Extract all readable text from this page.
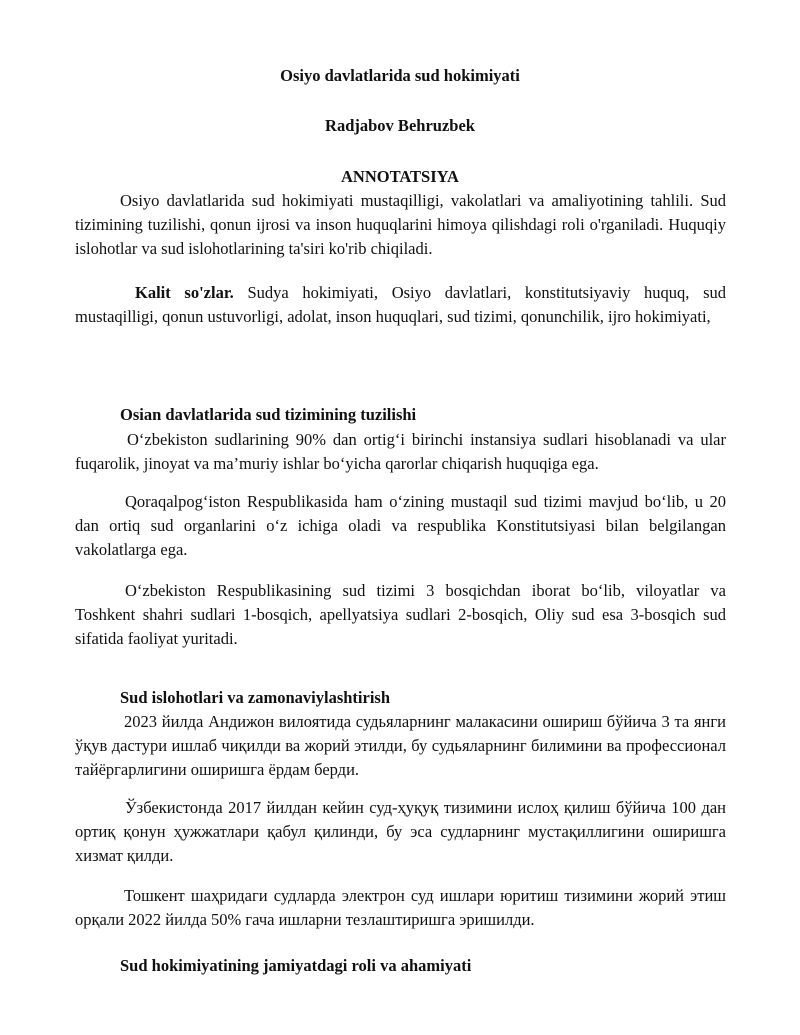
Osiyo davlatlarida sud hokimiyati
Radjabov Behruzbek
ANNOTATSIYA
Osiyo davlatlarida sud hokimiyati mustaqilligi, vakolatlari va amaliyotining tahlili. Sud tizimining tuzilishi, qonun ijrosi va inson huquqlarini himoya qilishdagi roli o'rganiladi. Huquqiy islohotlar va sud islohotlarining ta'siri ko'rib chiqiladi.
Kalit so'zlar. Sudya hokimiyati, Osiyo davlatlari, konstitutsiyaviy huquq, sud mustaqilligi, qonun ustuvorligi, adolat, inson huquqlari, sud tizimi, qonunchilik, ijro hokimiyati,
Osian davlatlarida sud tizimining tuzilishi
O‘zbekiston sudlarining 90% dan ortig‘i birinchi instansiya sudlari hisoblanadi va ular fuqarolik, jinoyat va ma’muriy ishlar bo‘yicha qarorlar chiqarish huquqiga ega.
Qoraqalpog‘iston Respublikasida ham o‘zining mustaqil sud tizimi mavjud bo‘lib, u 20 dan ortiq sud organlarini o‘z ichiga oladi va respublika Konstitutsiyasi bilan belgilangan vakolatlarga ega.
O‘zbekiston Respublikasining sud tizimi 3 bosqichdan iborat bo‘lib, viloyatlar va Toshkent shahri sudlari 1-bosqich, apellyatsiya sudlari 2-bosqich, Oliy sud esa 3-bosqich sud sifatida faoliyat yuritadi.
Sud islohotlari va zamonaviylashtirish
2023 йилда Андижон вилоятида судьяларнинг малакасини ошириш бўйича 3 та янги ўқув дастури ишлаб чиқилди ва жорий этилди, бу судьяларнинг билимини ва профессионал тайёргарлигини оширишга ёрдам берди.
Ўзбекистонда 2017 йилдан кейин суд-ҳуқуқ тизимини ислоҳ қилиш бўйича 100 дан ортиқ қонун ҳужжатлари қабул қилинди, бу эса судларнинг мустақиллигини оширишга хизмат қилди.
Тошкент шаҳридаги судларда электрон суд ишлари юритиш тизимини жорий этиш орқали 2022 йилда 50% гача ишларни тезлаштиришга эришилди.
Sud hokimiyatining jamiyatdagi roli va ahamiyati
